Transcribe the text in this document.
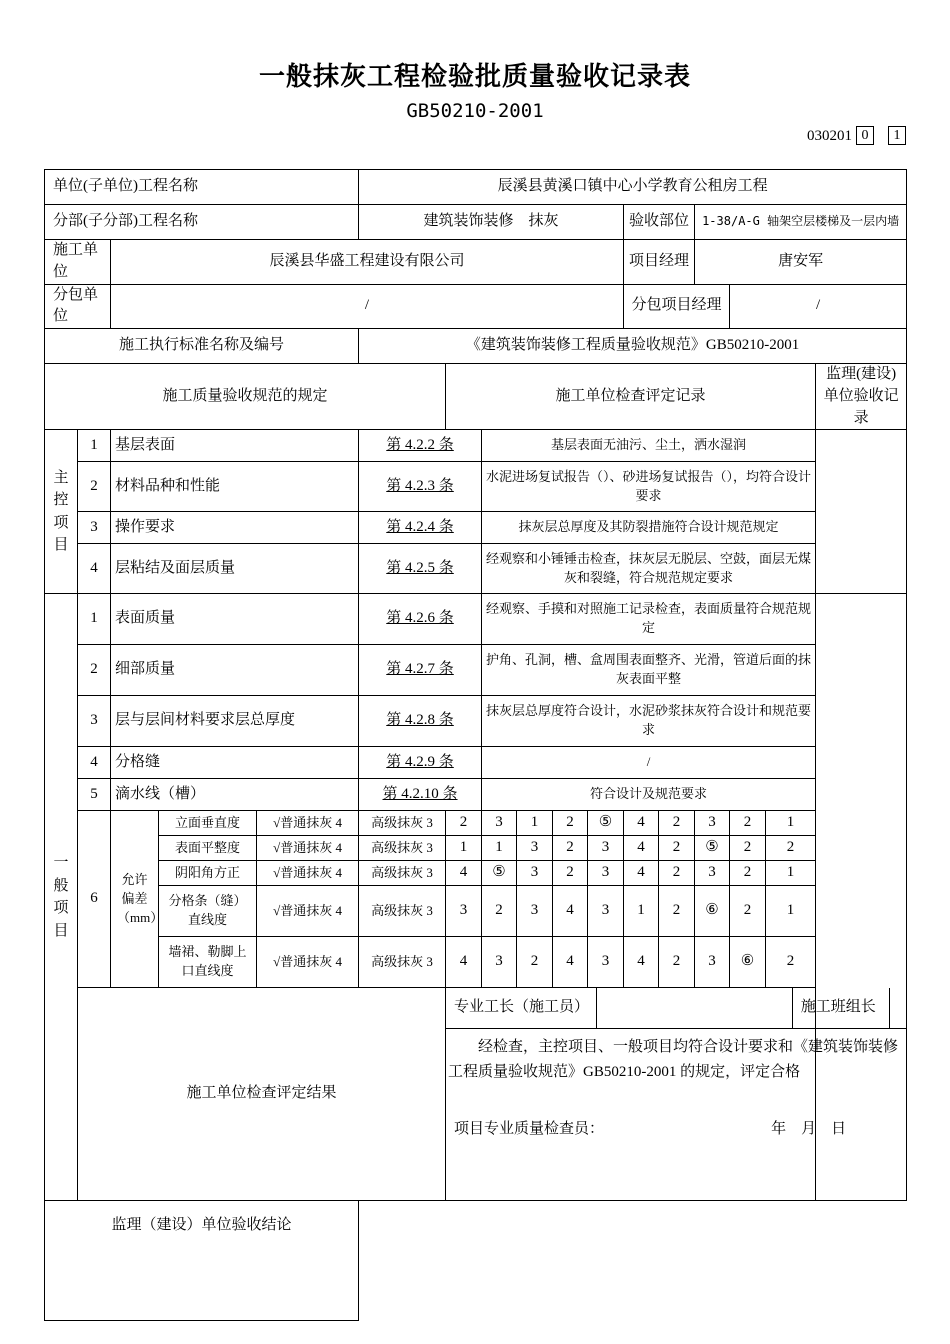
一般抹灰工程检验批质量验收记录表
GB50210-2001
030201 0	1
单位(子单位)工程名称					辰溪县黄溪口镇中心小学教育公租房工程											
分部(子分部)工程名称					建筑装饰装修　抹灰						验收部位		1-38/A-G 轴架空层楼梯及一层内墙			
施工单位		辰溪县华盛工程建设有限公司									项目经理		唐安军			
分包单位		/									分包项目经理			/		
施工执行标准名称及编号					《建筑装饰装修工程质量验收规范》GB50210-2001											
施工质量验收规范的规定						施工单位检查评定记录										监理(建设)单位验收记录

主控项目	1	基层表面			第 4.2.2 条		基层表面无油污、尘土，洒水湿润									
	2	材料品种和性能			第 4.2.3 条		水泥进场复试报告（）、砂进场复试报告（），均符合设计要求									
	3	操作要求			第 4.2.4 条		抹灰层总厚度及其防裂措施符合设计规范规定									
	4	层粘结及面层质量			第 4.2.5 条		经观察和小锤锤击检查，抹灰层无脱层、空鼓，面层无煤灰和裂缝，符合规范规定要求									

一般项目	1	表面质量			第 4.2.6 条		经观察、手摸和对照施工记录检查，表面质量符合规范规定									
	2	细部质量			第 4.2.7 条		护角、孔洞，槽、盒周围表面整齐、光滑，管道后面的抹灰表面平整									
	3	层与层间材料要求层总厚度			第 4.2.8 条		抹灰层总厚度符合设计，水泥砂浆抹灰符合设计和规范要求									
	4	分格缝			第 4.2.9 条		/									
	5	滴水线（槽）			第 4.2.10 条		符合设计及规范要求									
	6	允许偏差（mm）	立面垂直度	√普通抹灰 4	高级抹灰 3	2	3	1	2	⑤	4	2	3	2	1	
			表面平整度	√普通抹灰 4	高级抹灰 3	1	1	3	2	3	4	2	⑤	2	2	
			阴阳角方正	√普通抹灰 4	高级抹灰 3	4	⑤	3	2	3	4	2	3	2	1	
			分格条（缝）直线度	√普通抹灰 4	高级抹灰 3	3	2	3	4	3	1	2	⑥	2	1	
			墙裙、勒脚上口直线度	√普通抹灰 4	高级抹灰 3	4	3	2	4	3	4	2	3	⑥	2	
	施工单位检查评定结果					专业工长（施工员） 施工班组长
经检查，主控项目、一般项目均符合设计要求和《建筑装饰装修工程质量验收规范》GB50210-2001 的规定，评定合格
项目专业质量检查员： 年　月　日										

监理（建设）单位验收结论																
